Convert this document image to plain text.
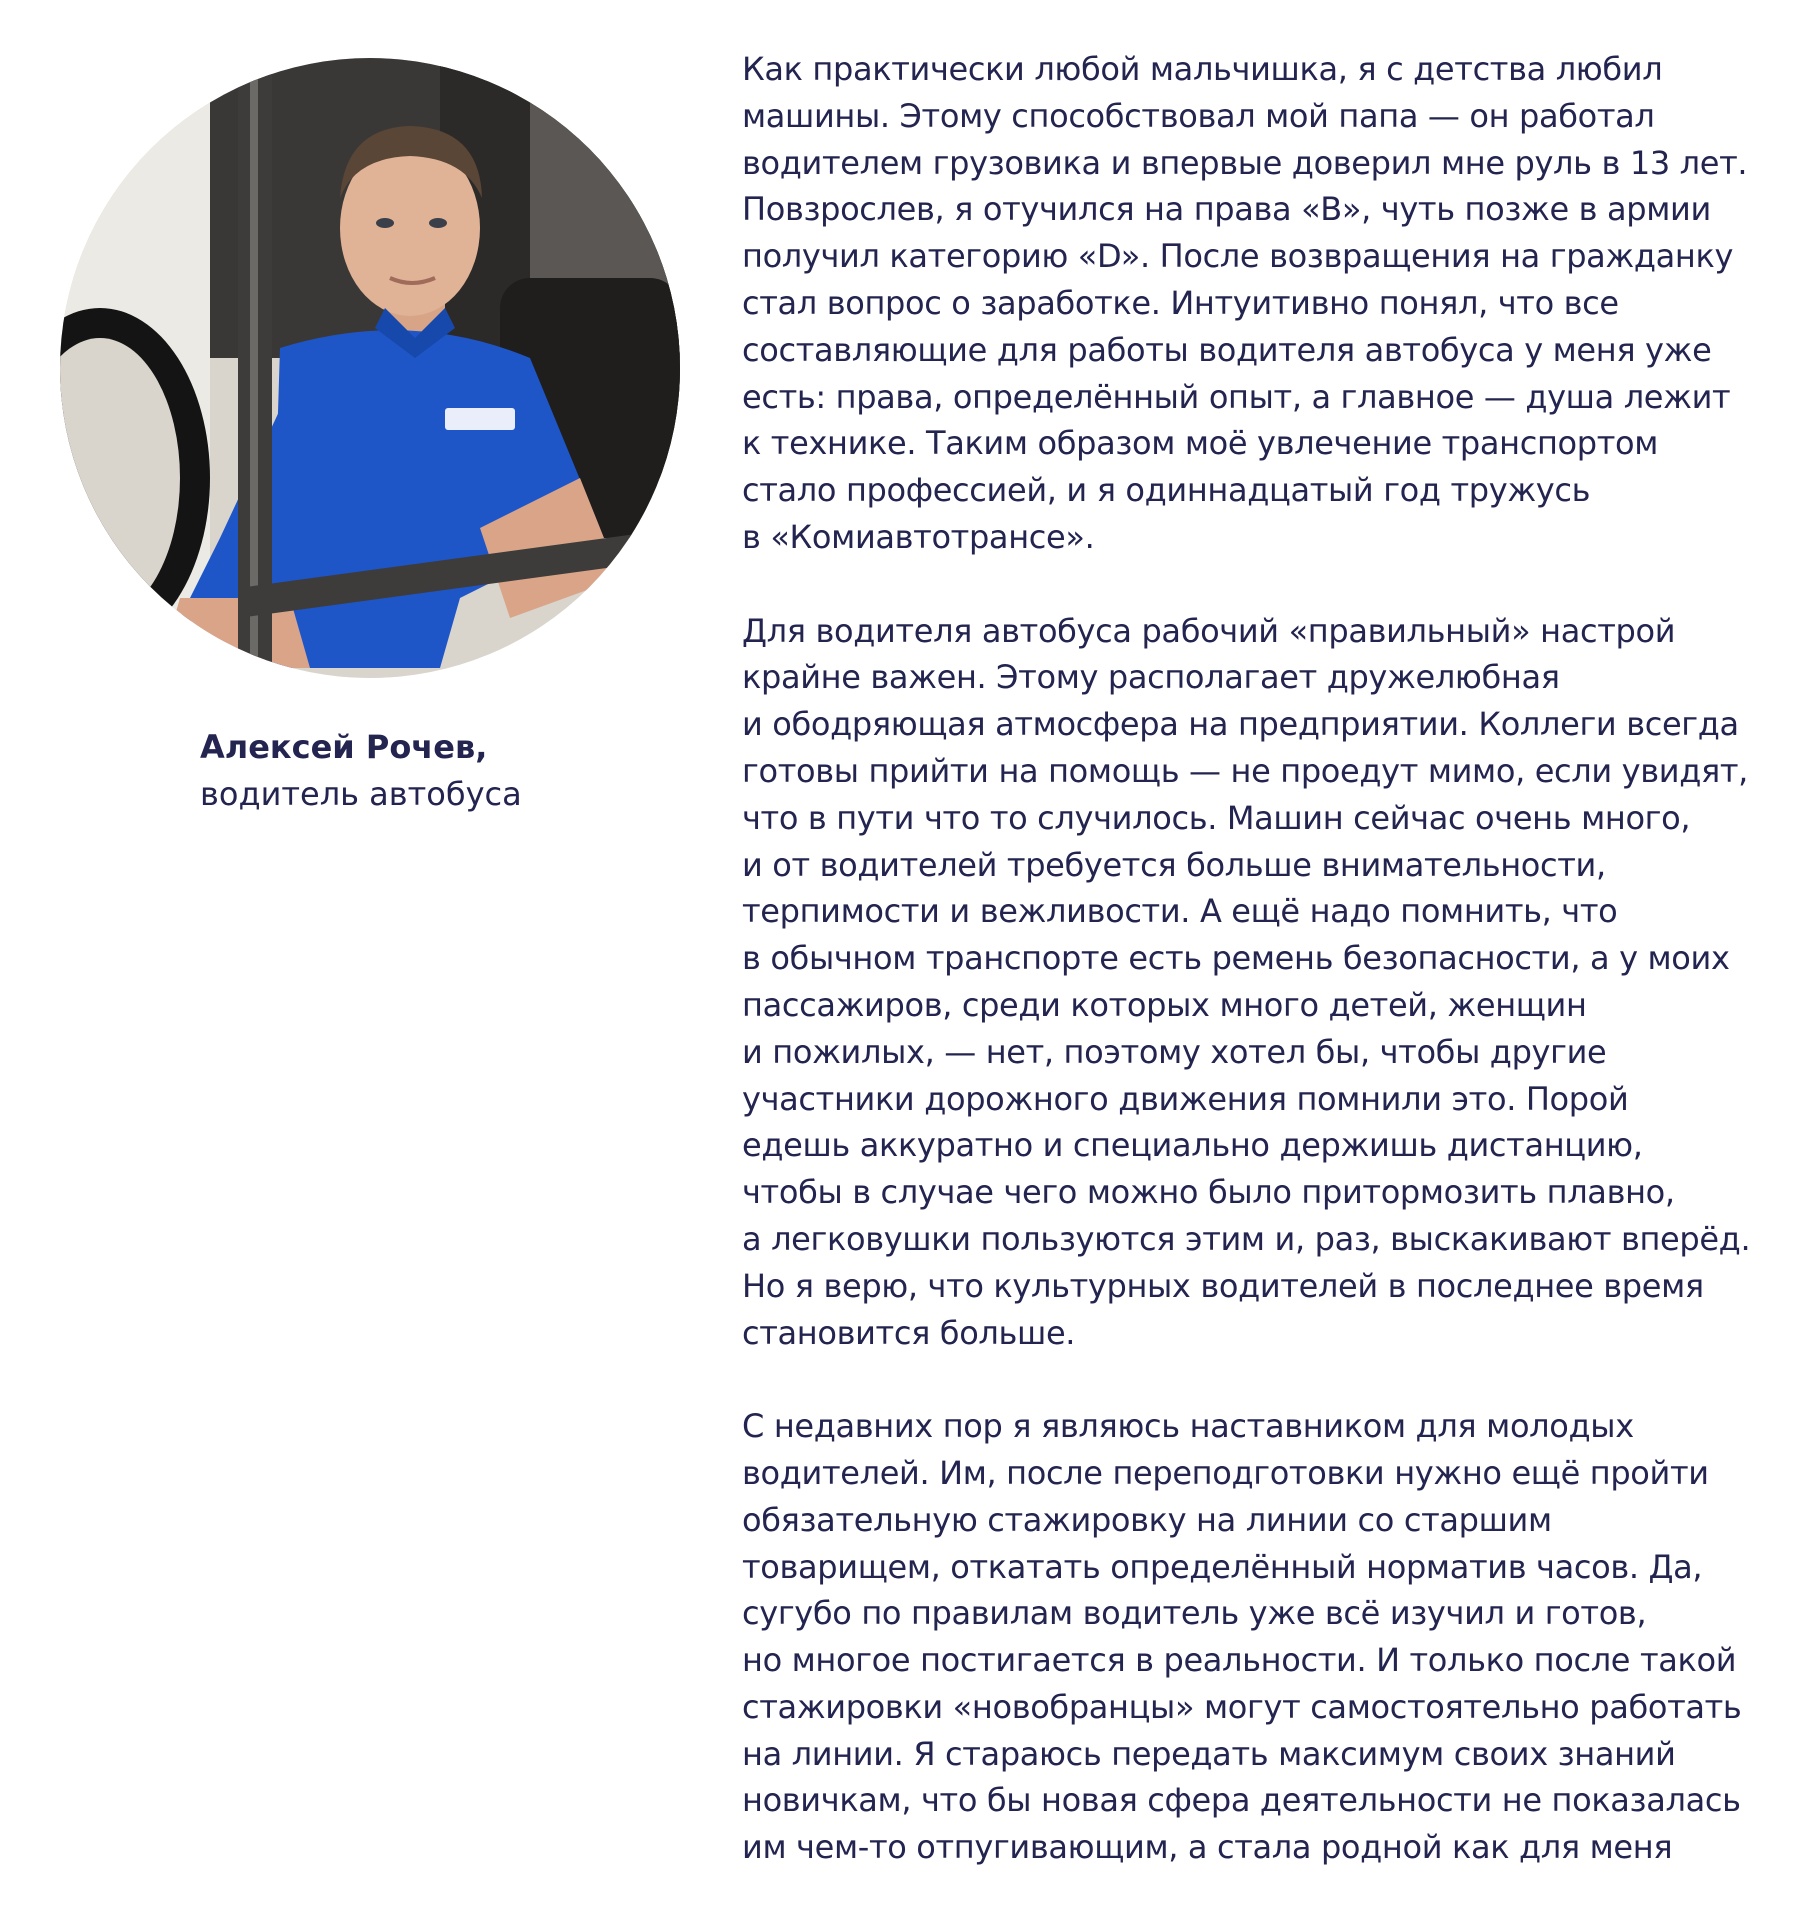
Алексей Рочев,
водитель автобуса

Как практически любой мальчишка, я с детства любил
машины. Этому способствовал мой папа — он работал
водителем грузовика и впервые доверил мне руль в 13 лет.
Повзрослев, я отучился на права «В», чуть позже в армии
получил категорию «D». После возвращения на гражданку
стал вопрос о заработке. Интуитивно понял, что все
составляющие для работы водителя автобуса у меня уже
есть: права, определённый опыт, а главное — душа лежит
к технике. Таким образом моё увлечение транспортом
стало профессией, и я одиннадцатый год тружусь
в «Комиавтотрансе».

Для водителя автобуса рабочий «правильный» настрой
крайне важен. Этому располагает дружелюбная
и ободряющая атмосфера на предприятии. Коллеги всегда
готовы прийти на помощь — не проедут мимо, если увидят,
что в пути что то случилось. Машин сейчас очень много,
и от водителей требуется больше внимательности,
терпимости и вежливости. А ещё надо помнить, что
в обычном транспорте есть ремень безопасности, а у моих
пассажиров, среди которых много детей, женщин
и пожилых, — нет, поэтому хотел бы, чтобы другие
участники дорожного движения помнили это. Порой
едешь аккуратно и специально держишь дистанцию,
чтобы в случае чего можно было притормозить плавно,
а легковушки пользуются этим и, раз, выскакивают вперёд.
Но я верю, что культурных водителей в последнее время
становится больше.

С недавних пор я являюсь наставником для молодых
водителей. Им, после переподготовки нужно ещё пройти
обязательную стажировку на линии со старшим
товарищем, откатать определённый норматив часов. Да,
сугубо по правилам водитель уже всё изучил и готов,
но многое постигается в реальности. И только после такой
стажировки «новобранцы» могут самостоятельно работать
на линии. Я стараюсь передать максимум своих знаний
новичкам, что бы новая сфера деятельности не показалась
им чем-то отпугивающим, а стала родной как для меня
